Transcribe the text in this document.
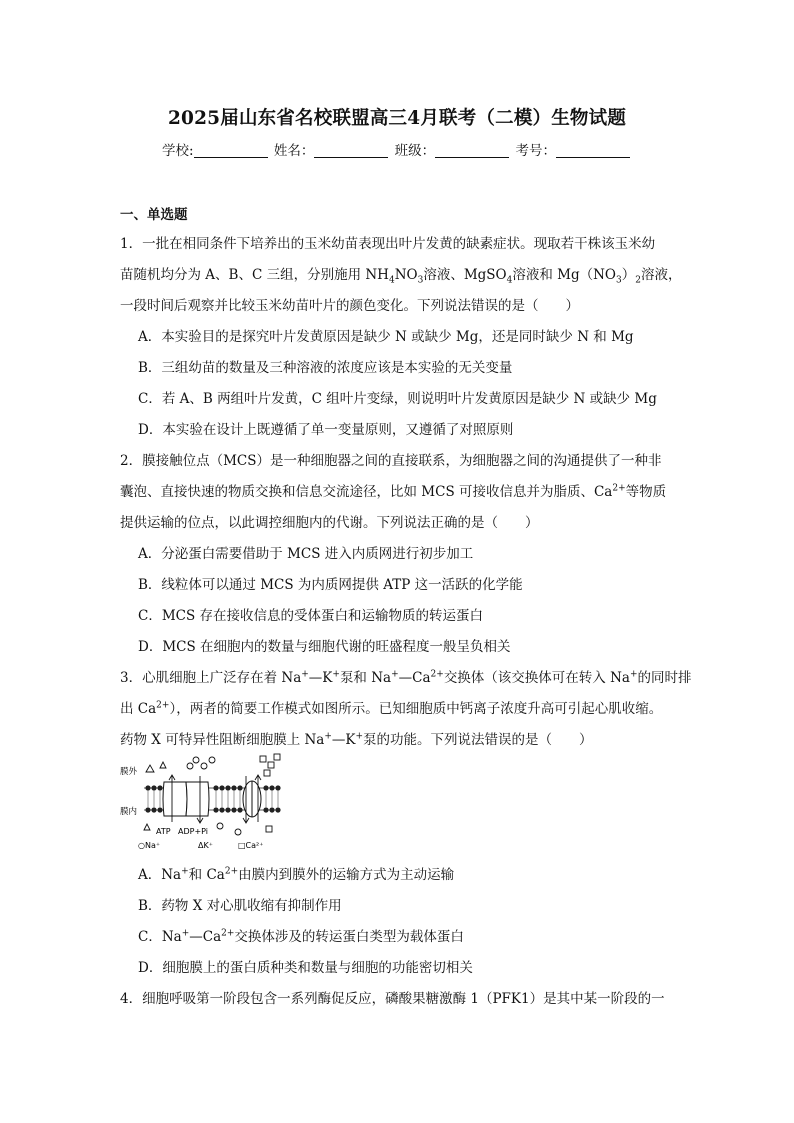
2025届山东省名校联盟高三4月联考（二模）生物试题
学校:	姓名：	班级：	考号：
一、单选题
1．一批在相同条件下培养出的玉米幼苗表现出叶片发黄的缺素症状。现取若干株该玉米幼
苗随机均分为 A、B、C 三组，分别施用 $NH_4NO_3$溶液、MgSO$_4$溶液和 $Mg(NO_3)_2$溶液，
一段时间后观察并比较玉米幼苗叶片的颜色变化。下列说法错误的是（　　）
A．本实验目的是探究叶片发黄原因是缺少 N 或缺少 Mg，还是同时缺少 N 和 Mg
B．三组幼苗的数量及三种溶液的浓度应该是本实验的无关变量
C．若 A、B 两组叶片发黄，C 组叶片变绿，则说明叶片发黄原因是缺少 N 或缺少 Mg
D．本实验在设计上既遵循了单一变量原则，又遵循了对照原则
2．膜接触位点（MCS）是一种细胞器之间的直接联系，为细胞器之间的沟通提供了一种非
囊泡、直接快速的物质交换和信息交流途径，比如 MCS 可接收信息并为脂质、$Ca^{2+}$等物质
提供运输的位点，以此调控细胞内的代谢。下列说法正确的是（　　）
A．分泌蛋白需要借助于 MCS 进入内质网进行初步加工
B．线粒体可以通过 MCS 为内质网提供 ATP 这一活跃的化学能
C．MCS 存在接收信息的受体蛋白和运输物质的转运蛋白
D．MCS 在细胞内的数量与细胞代谢的旺盛程度一般呈负相关
3．心肌细胞上广泛存在着 Na+—K+泵和 $Na^+—Ca^{2+}$交换体（该交换体可在转入 Na+的同时排
出 $Ca^{2+}$），两者的简要工作模式如图所示。已知细胞质中钙离子浓度升高可引起心肌收缩。
药物 X 可特异性阻断细胞膜上 Na+—K+泵的功能。下列说法错误的是（　　）
膜外
膜内
ATP ADP+Pi
○Na⁺	ΔK⁺	□Ca²⁺
A．Na+和 $Ca^{2+}$由膜内到膜外的运输方式为主动运输
B．药物 X 对心肌收缩有抑制作用
C．$Na^+—Ca^{2+}$交换体涉及的转运蛋白类型为载体蛋白
D．细胞膜上的蛋白质种类和数量与细胞的功能密切相关
4．细胞呼吸第一阶段包含一系列酶促反应，磷酸果糖激酶 1（PFK1）是其中某一阶段的一
